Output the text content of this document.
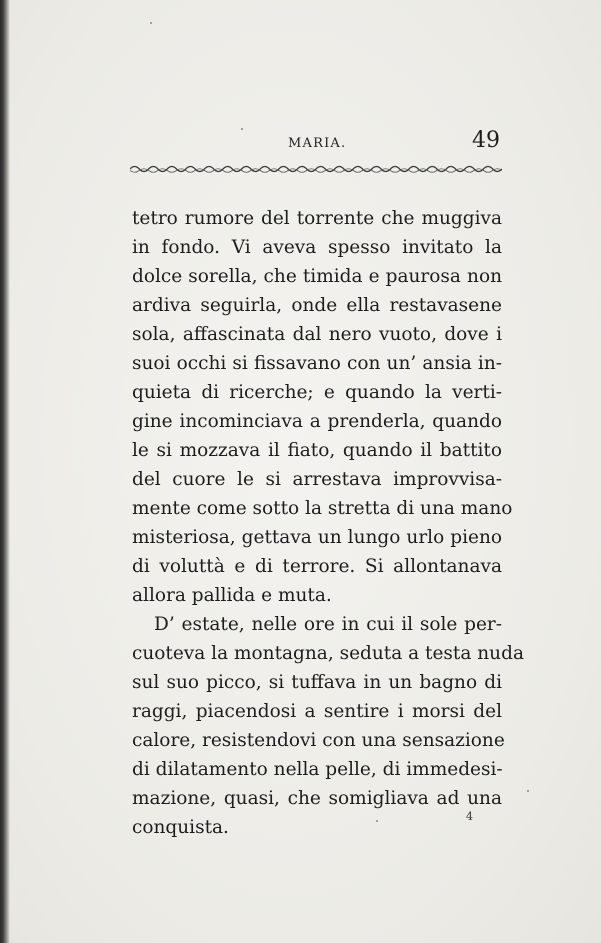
MARIA.	49
tetro rumore del torrente che muggiva
in fondo. Vi aveva spesso invitato la
dolce sorella, che timida e paurosa non
ardiva seguirla, onde ella restavasene
sola, affascinata dal nero vuoto, dove i
suoi occhi si fissavano con un’ ansia in-
quieta di ricerche; e quando la verti-
gine incominciava a prenderla, quando
le si mozzava il fiato, quando il battito
del cuore le si arrestava improvvisa-
mente come sotto la stretta di una mano
misteriosa, gettava un lungo urlo pieno
di voluttà e di terrore. Si allontanava
allora pallida e muta.
D’ estate, nelle ore in cui il sole per-
cuoteva la montagna, seduta a testa nuda
sul suo picco, si tuffava in un bagno di
raggi, piacendosi a sentire i morsi del
calore, resistendovi con una sensazione
di dilatamento nella pelle, di immedesi-
mazione, quasi, che somigliava ad una
conquista.
4
